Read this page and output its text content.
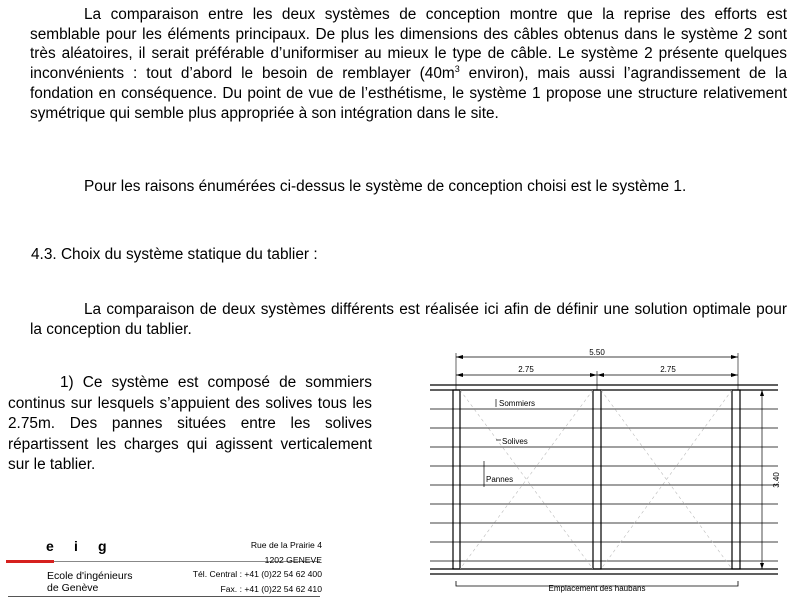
La comparaison entre les deux systèmes de conception montre que la reprise des efforts est semblable pour les éléments principaux. De plus les dimensions des câbles obtenus dans le système 2 sont très aléatoires, il serait préférable d’uniformiser au mieux le type de câble. Le système 2 présente quelques inconvénients : tout d’abord le besoin de remblayer ($40m^3$ environ), mais aussi l’agrandissement de la fondation en conséquence. Du point de vue de l’esthétisme, le système 1 propose une structure relativement symétrique qui semble plus appropriée à son intégration dans le site.

Pour les raisons énumérées ci-dessus le système de conception choisi est le système 1.

4.3. Choix du système statique du tablier :

La comparaison de deux systèmes différents est réalisée ici afin de définir une solution optimale pour la conception du tablier.

1) Ce système est composé de sommiers continus sur lesquels s’appuient des solives tous les 2.75m. Des pannes situées entre les solives répartissent les charges qui agissent verticalement sur le tablier.

5.50
2.75	2.75
3.40
Sommiers
Solives
Pannes
Emplacement des haubans
e i g
Ecole d'ingénieurs
de Genève
Rue de la Prairie 4
1202 GENEVE
Tél. Central : +41 (0)22 54 62 400
Fax. : +41 (0)22 54 62 410
